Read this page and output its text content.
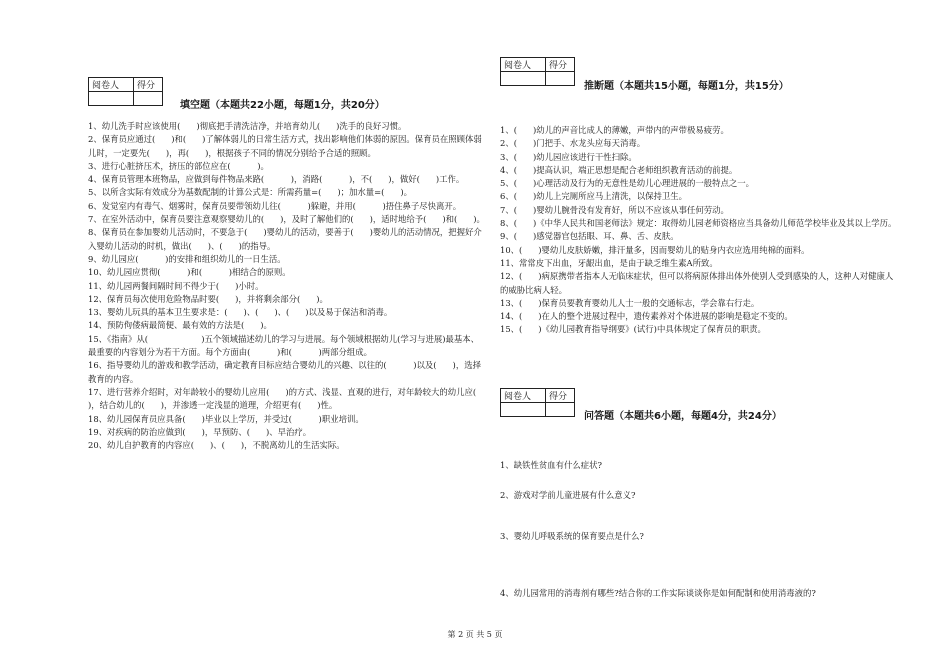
阅卷人	得分

填空题（本题共22小题，每题1分，共20分）

1、幼儿洗手时应该使用(      )彻底把手清洗洁净，并培育幼儿(      )洗手的良好习惯。

2、保育员应通过(      )和(      )了解体弱儿的日常生活方式，找出影响他们体弱的原因。保育员在照顾体弱儿时，一定要先(      )，再(      )，根据孩子不同的情况分别给予合适的照顾。

3、进行心脏挤压术，挤压的部位应在(          )。

4、保育员管理本班物品，应做到每件物品来路(          )，消路(          )，不(      )，做好(      )工作。

5、以所含实际有效成分为基数配制的计算公式是：所需药量=(      )；加水量=(      )。

6、发觉室内有毒气、烟雾时，保育员要带领幼儿往(          )躲避，并用(          )捂住鼻子尽快离开。

7、在室外活动中，保育员要注意观察婴幼儿的(      )，及时了解他们的(      )，适时地给予(      )和(      )。

8、保育员在参加婴幼儿活动时，不要急于(      )婴幼儿的活动，要善于(      )婴幼儿的活动情况，把握好介入婴幼儿活动的时机，做出(      )、(      )的指导。

9、幼儿园应(          )的安排和组织幼儿的一日生活。

10、幼儿园应贯彻(          )和(          )相结合的原则。

11、幼儿园两餐间隔时间不得少于(      )小时。

12、保育员每次使用危险物品时要(      )，并将剩余部分(      )。

13、婴幼儿玩具的基本卫生要求是：(      )、(      )、(      )以及易于保洁和消毒。

14、预防佝偻病最简便、最有效的方法是(      )。

15、《指南》从(                    )五个领域描述幼儿的学习与进展。每个领域根据幼儿(学习与进展)最基本、最重要的内容划分为若干方面。每个方面由(          )和(          )两部分组成。

16、指导婴幼儿的游戏和教学活动，确定教育目标应结合婴幼儿的兴趣、以往的(          )以及(      )，选择教育的内容。

17、进行营养介绍时，对年龄较小的婴幼儿应用(      )的方式、浅显、直观的进行，对年龄较大的幼儿应(      )，结合幼儿的(      )，并渗透一定浅显的道理，介绍更有(      )性。

18、幼儿园保育员应具备(      )毕业以上学历，并受过(          )职业培训。

19、对疾病的防治应做到(      )，早预防、(      )、早治疗。

20、幼儿自护教育的内容应(      )、(      )，不脱离幼儿的生活实际。

阅卷人	得分

推断题（本题共15小题，每题1分，共15分）

1、(      )幼儿的声音比成人的薄嫩，声带内的声带极易疲劳。

2、(      )门把手、水龙头应每天消毒。

3、(      )幼儿园应该进行干性扫除。

4、(      )提高认识，端正思想是配合老师组织教育活动的前提。

5、(      )心理活动及行为的无意性是幼儿心理进展的一般特点之一。

6、(      )幼儿上完厕所应马上清洗，以保持卫生。

7、(      )婴幼儿腕骨没有发育好，所以不应该从事任何劳动。

8、(      )《中华人民共和国老师法》规定：取得幼儿园老师资格应当具备幼儿师范学校毕业及其以上学历。

9、(      )感觉器官包括眼、耳、鼻、舌、皮肤。

10、(      )婴幼儿皮肤娇嫩，排汗量多，因而婴幼儿的贴身内衣应选用纯棉的面料。

11、常常皮下出血，牙龈出血，是由于缺乏维生素A所致。

12、(      )病原携带者指本人无临床症状，但可以将病原体排出体外使别人受到感染的人，这种人对健康人的威胁比病人轻。

13、(      )保育员要教育婴幼儿人士一般的交通标志，学会靠右行走。

14、(      )在人的整个进展过程中，遗传素养对个体进展的影响是稳定不变的。

15、(      )《幼儿园教育指导纲要》(试行)中具体规定了保育员的职责。

阅卷人	得分

问答题（本题共6小题，每题4分，共24分）
1、缺铁性贫血有什么症状?
2、游戏对学前儿童进展有什么意义?
3、婴幼儿呼吸系统的保育要点是什么?
4、幼儿园常用的消毒剂有哪些?结合你的工作实际谈谈你是如何配制和使用消毒液的?
第 2 页 共 5 页
